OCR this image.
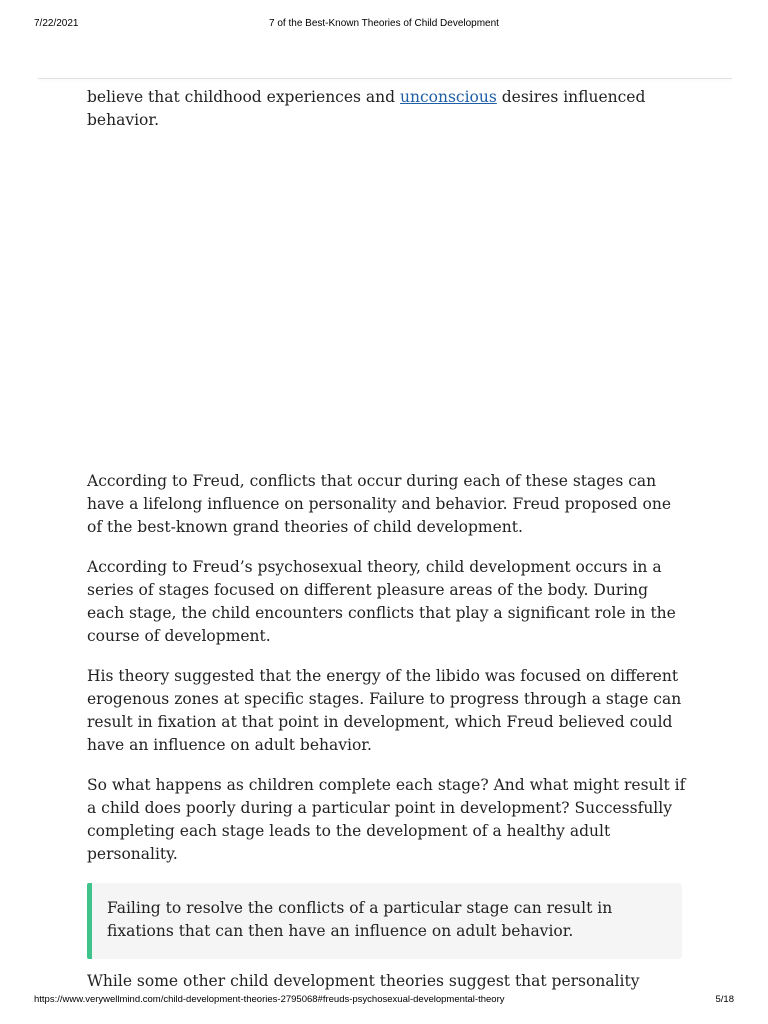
7/22/2021	7 of the Best-Known Theories of Child Development

believe that childhood experiences and unconscious desires influenced behavior.

According to Freud, conflicts that occur during each of these stages can have a lifelong influence on personality and behavior. Freud proposed one of the best-known grand theories of child development.

According to Freud’s psychosexual theory, child development occurs in a series of stages focused on different pleasure areas of the body. During each stage, the child encounters conflicts that play a significant role in the course of development.

His theory suggested that the energy of the libido was focused on different erogenous zones at specific stages. Failure to progress through a stage can result in fixation at that point in development, which Freud believed could have an influence on adult behavior.

So what happens as children complete each stage? And what might result if a child does poorly during a particular point in development? Successfully completing each stage leads to the development of a healthy adult personality.

Failing to resolve the conflicts of a particular stage can result in fixations that can then have an influence on adult behavior.

While some other child development theories suggest that personality

https://www.verywellmind.com/child-development-theories-2795068#freuds-psychosexual-developmental-theory	5/18
